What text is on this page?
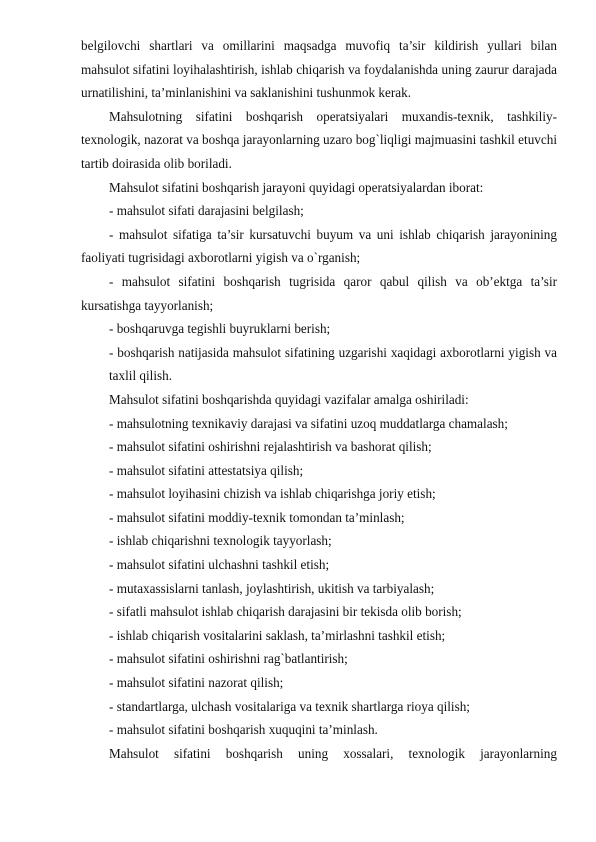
belgilovchi shartlari va omillarini maqsadga muvofiq ta’sir kildirish yullari bilan mahsulot sifatini loyihalashtirish, ishlab chiqarish va foydalanishda uning zaurur darajada urnatilishini, ta’minlanishini va saklanishini tushunmok kerak.

Mahsulotning sifatini boshqarish operatsiyalari muxandis-texnik, tashkiliy-texnologik, nazorat va boshqa jarayonlarning uzaro bog`liqligi majmuasini tashkil etuvchi tartib doirasida olib boriladi.

Mahsulot sifatini boshqarish jarayoni quyidagi operatsiyalardan iborat:

- mahsulot sifati darajasini belgilash;

- mahsulot sifatiga ta’sir kursatuvchi buyum va uni ishlab chiqarish jarayonining faoliyati tugrisidagi axborotlarni yigish va o`rganish;

- mahsulot sifatini boshqarish tugrisida qaror qabul qilish va ob’ektga ta’sir kursatishga tayyorlanish;

- boshqaruvga tegishli buyruklarni berish;

- boshqarish natijasida mahsulot sifatining uzgarishi xaqidagi axborotlarni yigish va taxlil qilish.

Mahsulot sifatini boshqarishda quyidagi vazifalar amalga oshiriladi:

- mahsulotning texnikaviy darajasi va sifatini uzoq muddatlarga chamalash;

- mahsulot sifatini oshirishni rejalashtirish va bashorat qilish;

- mahsulot sifatini attestatsiya qilish;

- mahsulot loyihasini chizish va ishlab chiqarishga joriy etish;

- mahsulot sifatini moddiy-texnik tomondan ta’minlash;

- ishlab chiqarishni texnologik tayyorlash;

- mahsulot sifatini ulchashni tashkil etish;

- mutaxassislarni tanlash, joylashtirish, ukitish va tarbiyalash;

- sifatli mahsulot ishlab chiqarish darajasini bir tekisda olib borish;

- ishlab chiqarish vositalarini saklash, ta’mirlashni tashkil etish;

- mahsulot sifatini oshirishni rag`batlantirish;

- mahsulot sifatini nazorat qilish;

- standartlarga, ulchash vositalariga va texnik shartlarga rioya qilish;

- mahsulot sifatini boshqarish xuquqini ta’minlash.

Mahsulot sifatini boshqarish uning xossalari, texnologik jarayonlarning
